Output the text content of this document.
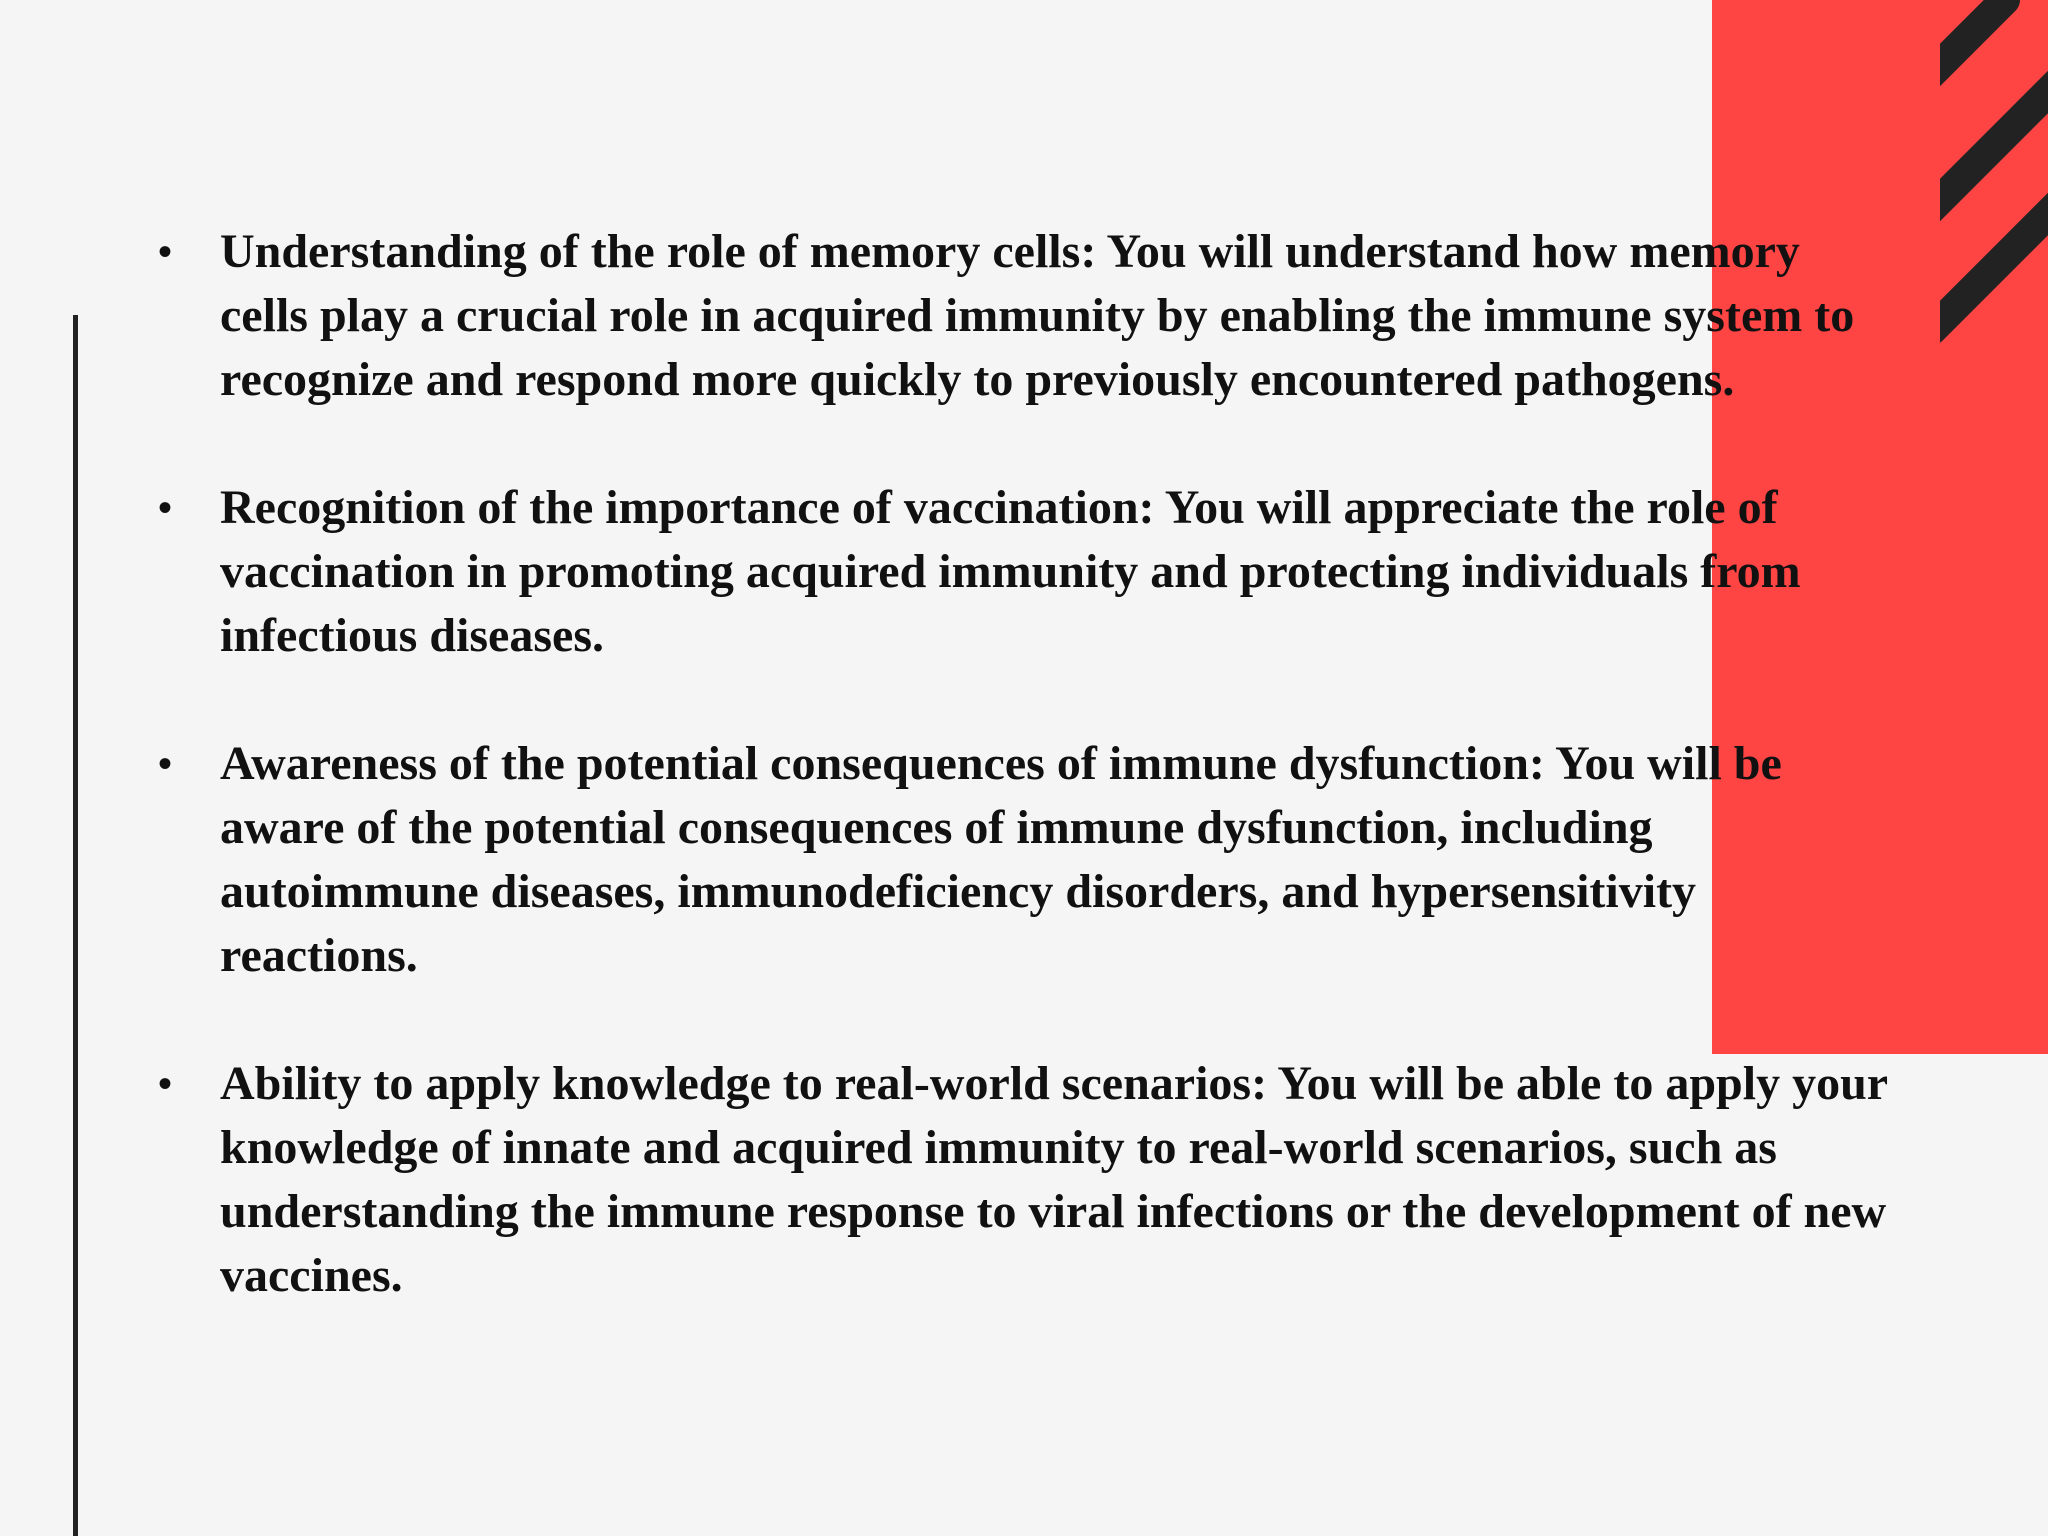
• Understanding of the role of memory cells: You will understand how memory cells play a crucial role in acquired immunity by enabling the immune system to recognize and respond more quickly to previously encountered pathogens.
• Recognition of the importance of vaccination: You will appreciate the role of vaccination in promoting acquired immunity and protecting individuals from infectious diseases.
• Awareness of the potential consequences of immune dysfunction: You will be aware of the potential consequences of immune dysfunction, including autoimmune diseases, immunodeficiency disorders, and hypersensitivity reactions.
• Ability to apply knowledge to real-world scenarios: You will be able to apply your knowledge of innate and acquired immunity to real-world scenarios, such as understanding the immune response to viral infections or the development of new vaccines.
